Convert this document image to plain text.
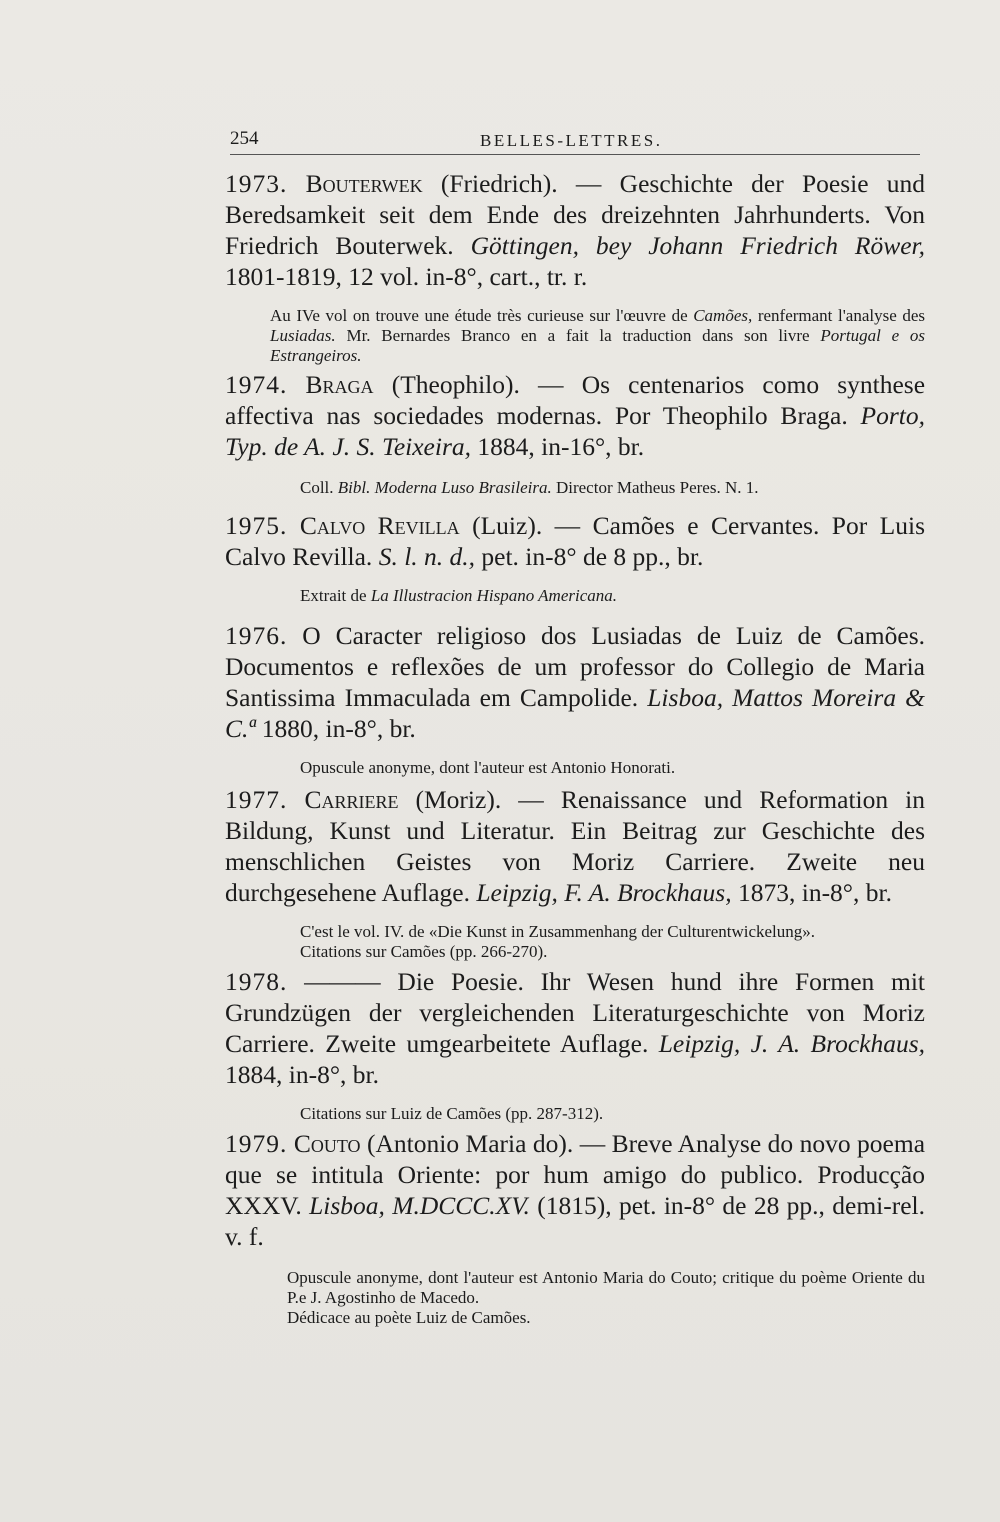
254	BELLES-LETTRES.

1973. Bouterwek (Friedrich). — Geschichte der Poesie und Beredsamkeit seit dem Ende des dreizehnten Jahrhunderts. Von Friedrich Bouterwek. Göttingen, bey Johann Friedrich Röwer, 1801-1819, 12 vol. in-8°, cart., tr. r.

Au IVe vol on trouve une étude très curieuse sur l'œuvre de Camões, renfermant l'analyse des Lusiadas. Mr. Bernardes Branco en a fait la traduction dans son livre Portugal e os Estrangeiros.

1974. Braga (Theophilo). — Os centenarios como synthese affectiva nas sociedades modernas. Por Theophilo Braga. Porto, Typ. de A. J. S. Teixeira, 1884, in-16°, br.

Coll. Bibl. Moderna Luso Brasileira. Director Matheus Peres. N. 1.

1975. Calvo Revilla (Luiz). — Camões e Cervantes. Por Luis Calvo Revilla. S. l. n. d., pet. in-8° de 8 pp., br.

Extrait de La Illustracion Hispano Americana.

1976. O Caracter religioso dos Lusiadas de Luiz de Camões. Documentos e reflexões de um professor do Collegio de Maria Santissima Immaculada em Campolide. Lisboa, Mattos Moreira & C.ª 1880, in-8°, br.

Opuscule anonyme, dont l'auteur est Antonio Honorati.

1977. Carriere (Moriz). — Renaissance und Reformation in Bildung, Kunst und Literatur. Ein Beitrag zur Geschichte des menschlichen Geistes von Moriz Carriere. Zweite neu durchgesehene Auflage. Leipzig, F. A. Brockhaus, 1873, in-8°, br.

C'est le vol. IV. de «Die Kunst in Zusammenhang der Culturentwickelung».

Citations sur Camões (pp. 266-270).

1978. ——— Die Poesie. Ihr Wesen hund ihre Formen mit Grundzügen der vergleichenden Literaturgeschichte von Moriz Carriere. Zweite umgearbeitete Auflage. Leipzig, J. A. Brockhaus, 1884, in-8°, br.

Citations sur Luiz de Camões (pp. 287-312).

1979. Couto (Antonio Maria do). — Breve Analyse do novo poema que se intitula Oriente: por hum amigo do publico. Producção XXXV. Lisboa, M.DCCC.XV. (1815), pet. in-8° de 28 pp., demi-rel. v. f.

Opuscule anonyme, dont l'auteur est Antonio Maria do Couto; critique du poème Oriente du P.e J. Agostinho de Macedo.

Dédicace au poète Luiz de Camões.
